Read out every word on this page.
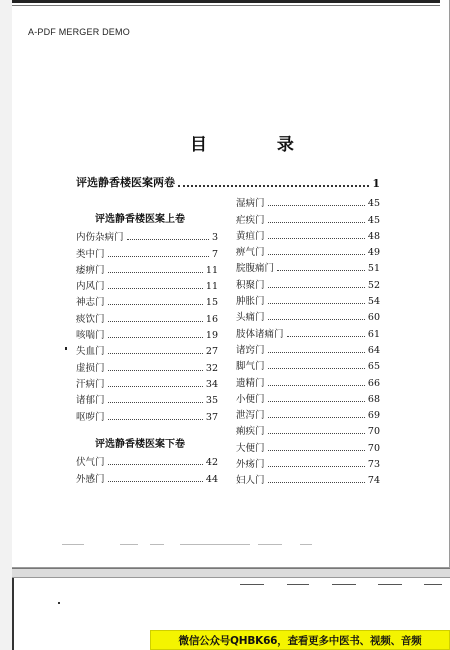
A-PDF MERGER DEMO
目 录
评选静香楼医案两卷	1
评选静香楼医案上卷
内伤杂病门	3
类中门	7
痿痹门	11
内风门	11
神志门	15
痰饮门	16
咳喘门	19
失血门	27
虚损门	32
汗病门	34
诸郁门	35
呕哕门	37
评选静香楼医案下卷
伏气门	42
外感门	44
湿病门	45
疟疾门	45
黄疸门	48
痹气门	49
脘腹痛门	51
积聚门	52
肿胀门	54
头痛门	60
肢体诸痛门	61
诸窍门	64
脚气门	65
遗精门	66
小便门	68
泄泻门	69
痢疾门	70
大便门	70
外疡门	73
妇人门	74
微信公众号QHBK66，查看更多中医书、视频、音频
